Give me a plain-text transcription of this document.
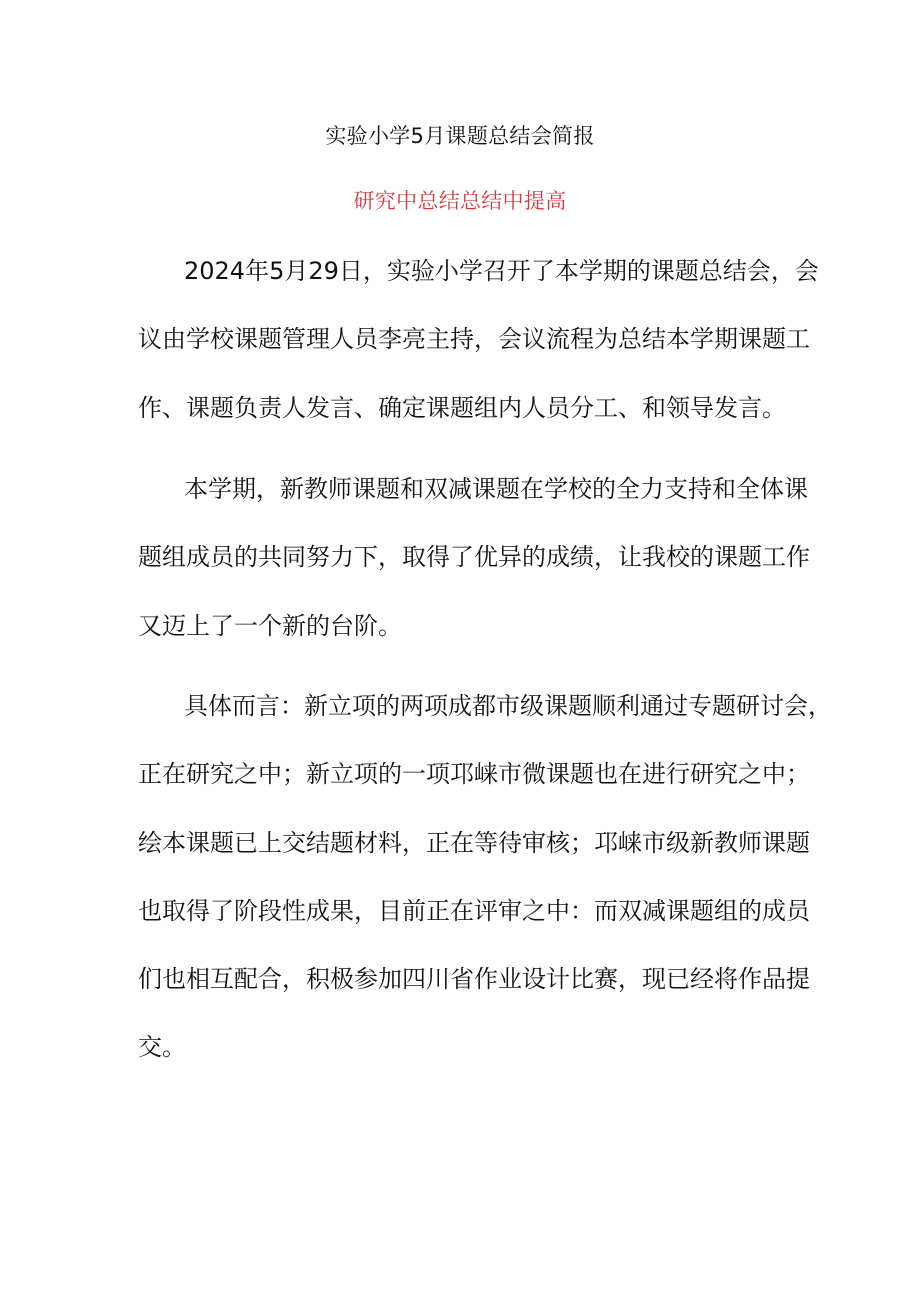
实验小学5月课题总结会简报
研究中总结总结中提高
2024年5月29日，实验小学召开了本学期的课题总结会，会
议由学校课题管理人员李亮主持，会议流程为总结本学期课题工
作、课题负责人发言、确定课题组内人员分工、和领导发言。
本学期，新教师课题和双减课题在学校的全力支持和全体课
题组成员的共同努力下，取得了优异的成绩，让我校的课题工作
又迈上了一个新的台阶。
具体而言：新立项的两项成都市级课题顺利通过专题研讨会，
正在研究之中；新立项的一项邛崃市微课题也在进行研究之中；
绘本课题已上交结题材料，正在等待审核；邛崃市级新教师课题
也取得了阶段性成果，目前正在评审之中：而双减课题组的成员
们也相互配合，积极参加四川省作业设计比赛，现已经将作品提
交。
